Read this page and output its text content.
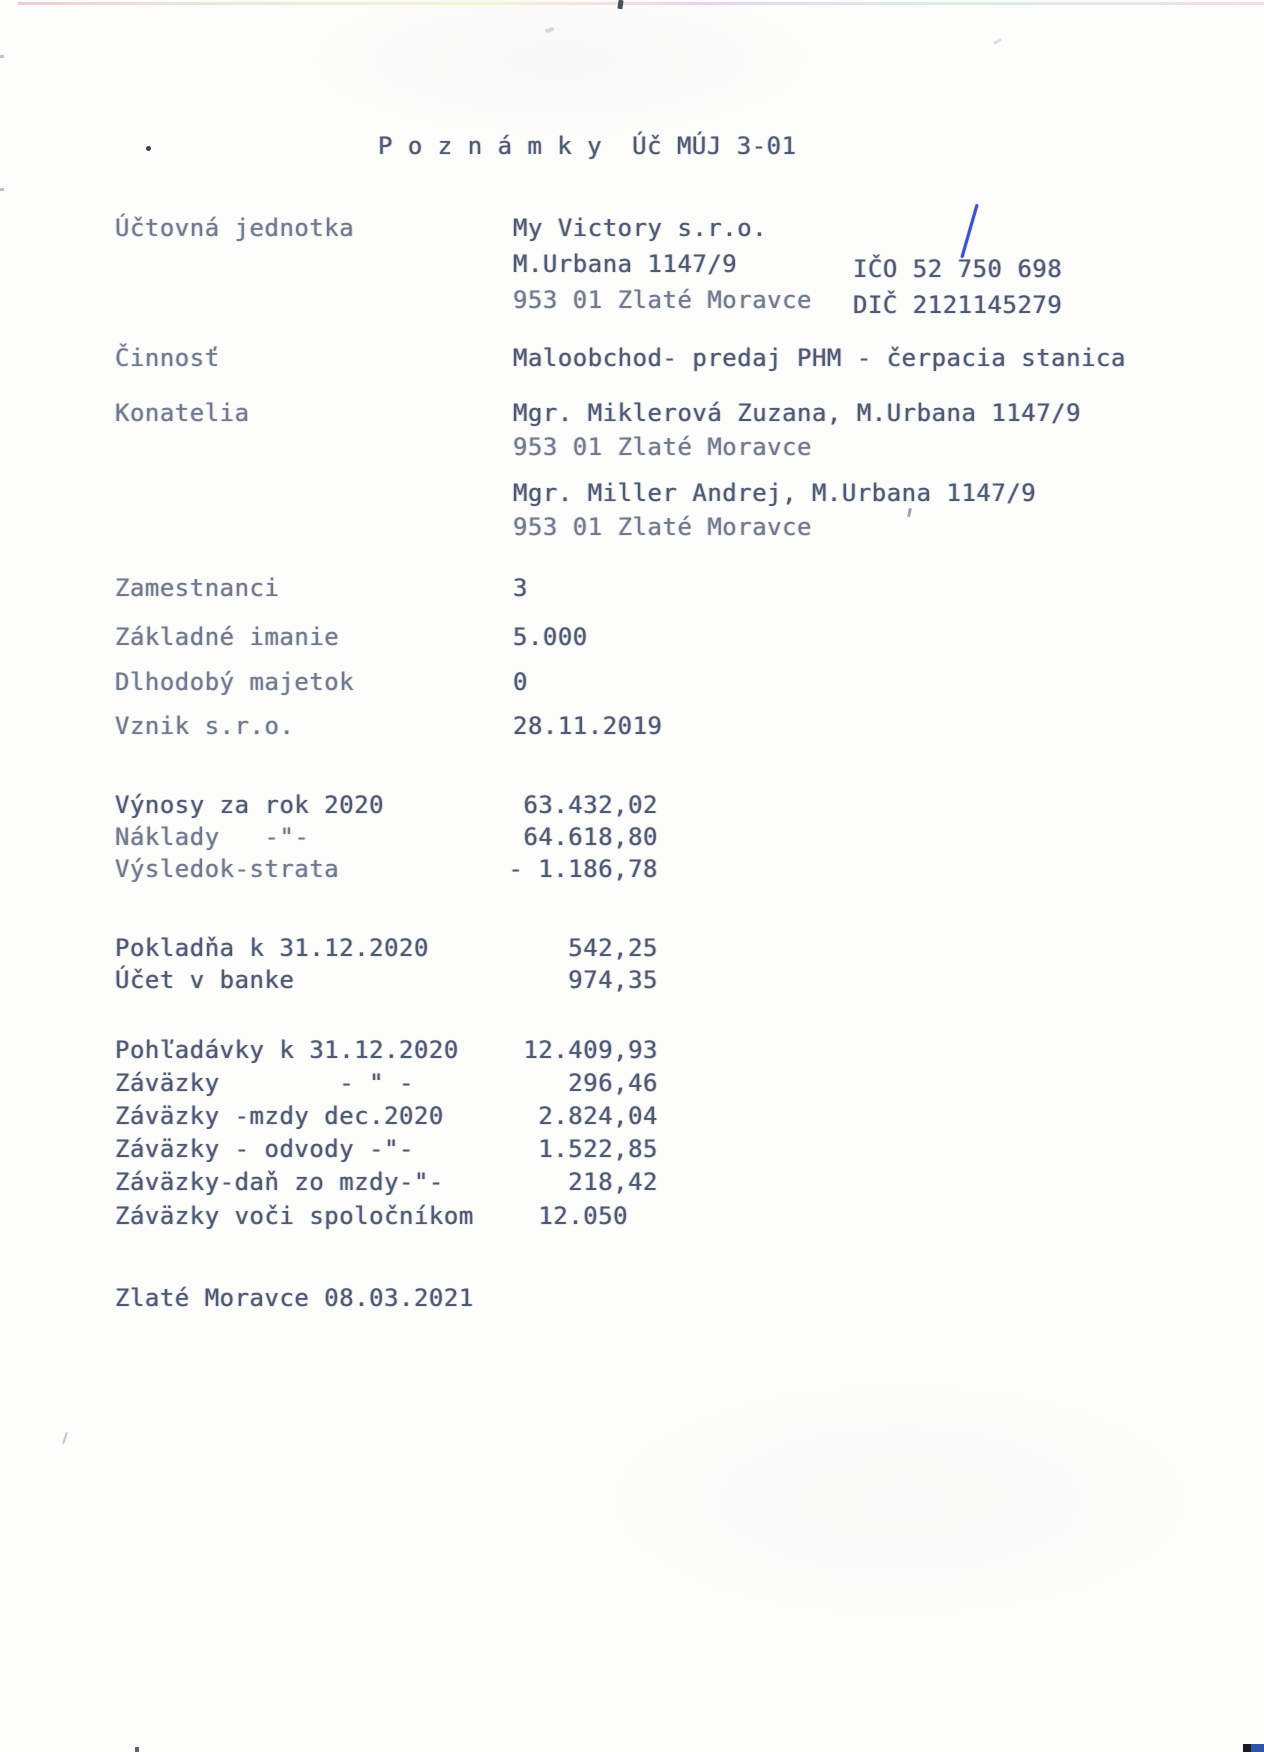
P o z n á m k y  Úč MÚJ 3-01
Účtovná jednotka	My Victory s.r.o.
M.Urbana 1147/9
953 01 Zlaté Moravce
IČO 52 750 698
DIČ 2121145279
Činnosť	Maloobchod- predaj PHM - čerpacia stanica
Konatelia	Mgr. Miklerová Zuzana, M.Urbana 1147/9
953 01 Zlaté Moravce
Mgr. Miller Andrej, M.Urbana 1147/9
953 01 Zlaté Moravce
Zamestnanci	3
Základné imanie	5.000
Dlhodobý majetok	0
Vznik s.r.o.	28.11.2019
Výnosy za rok 2020	63.432,02
Náklady   -"-	64.618,80
Výsledok-strata	- 1.186,78
Pokladňa k 31.12.2020	542,25
Účet v banke	974,35
Pohľadávky k 31.12.2020	12.409,93
Záväzky        - " -	296,46
Záväzky -mzdy dec.2020	2.824,04
Záväzky - odvody -"-	1.522,85
Záväzky-daň zo mzdy-"-	218,42
Záväzky voči spoločníkom	12.050
Zlaté Moravce 08.03.2021
